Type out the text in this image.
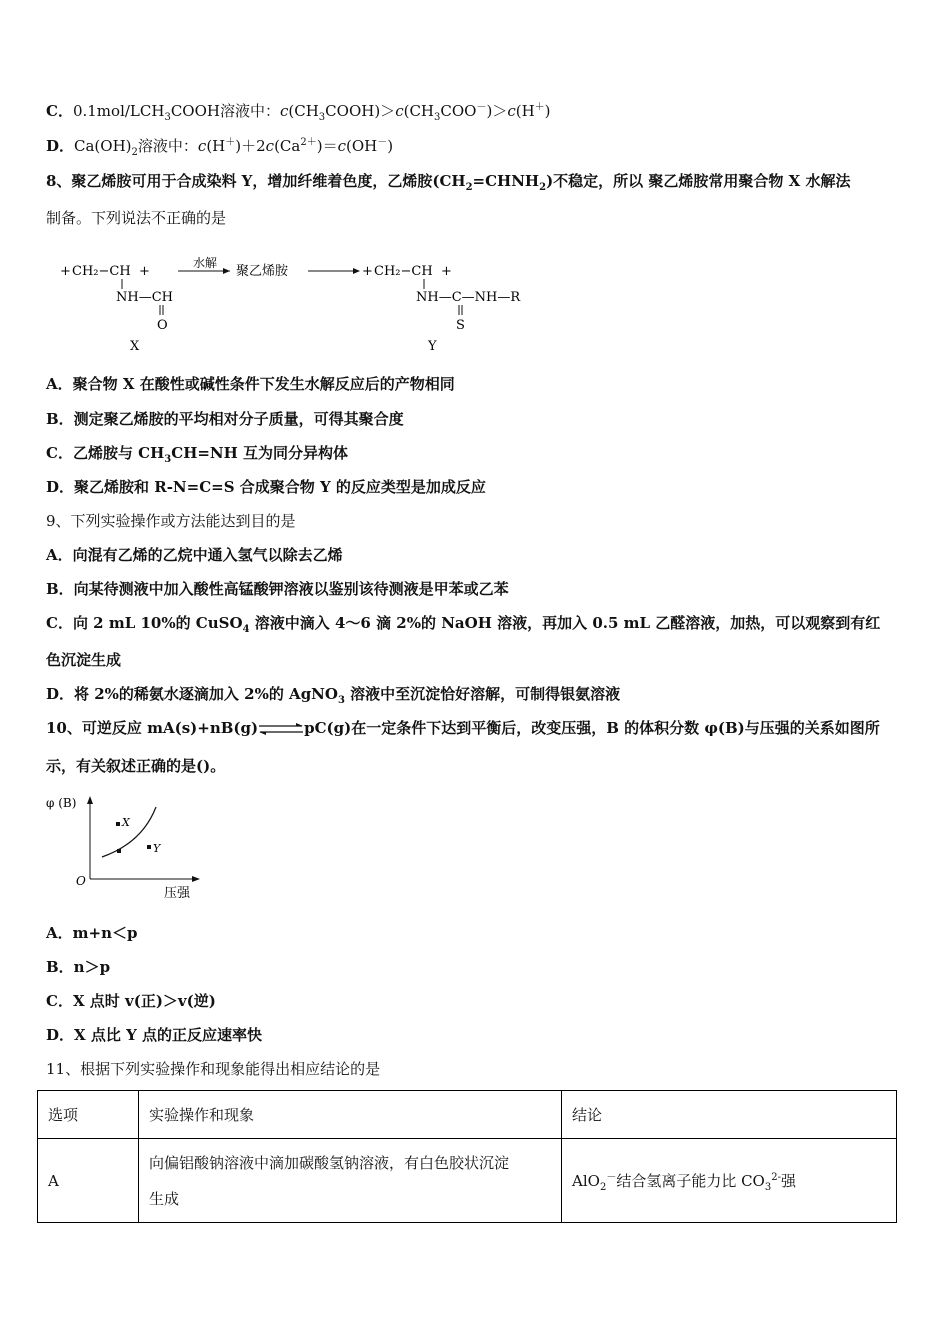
C．$0.1mol/LCH_3COOH$溶液中：$c(CH_3COOH)>c(CH_3COO^-)>c(H^+)$
D．$Ca(OH)_2$溶液中：$c(H^+)+2c(Ca^{2+})=c(OH^-)$
8、聚乙烯胺可用于合成染料 Y，增加纤维着色度，乙烯胺$(CH_2=CHNH_2)$不稳定，所以 聚乙烯胺常用聚合物 X 水解法
制备。下列说法不正确的是
+ CH₂−CH +
NH—CH
O
X
水解
聚乙烯胺	+ CH₂−CH +
NH—C—NH—R
S
Y
A．聚合物 X 在酸性或碱性条件下发生水解反应后的产物相同
B．测定聚乙烯胺的平均相对分子质量，可得其聚合度
C．乙烯胺与 $CH_3CH=NH$ 互为同分异构体
D．聚乙烯胺和 R-N=C=S 合成聚合物 Y 的反应类型是加成反应
9、下列实验操作或方法能达到目的是
A．向混有乙烯的乙烷中通入氢气以除去乙烯
B．向某待测液中加入酸性高锰酸钾溶液以鉴别该待测液是甲苯或乙苯
C．向 2 mL 10%的 CuSO$_4$ 溶液中滴入 4～6 滴 2%的 NaOH 溶液，再加入 0.5 mL 乙醛溶液，加热，可以观察到有红
色沉淀生成
D．将 2%的稀氨水逐滴加入 2%的 AgNO$_3$ 溶液中至沉淀恰好溶解，可制得银氨溶液
10、可逆反应 mA(s)+nB(g)⇌pC(g)在一定条件下达到平衡后，改变压强，B 的体积分数 φ(B)与压强的关系如图所
示，有关叙述正确的是()。
φ (B)
O
压强
X
Y
A．m+n＜p
B．n＞p
C．X 点时 v(正)＞v(逆)
D．X 点比 Y 点的正反应速率快
11、根据下列实验操作和现象能得出相应结论的是
选项	实验操作和现象	结论
A	向偏铝酸钠溶液中滴加碳酸氢钠溶液，有白色胶状沉淀
生成	AlO$_2$－结合氢离子能力比 $CO_3^{2-}$强
